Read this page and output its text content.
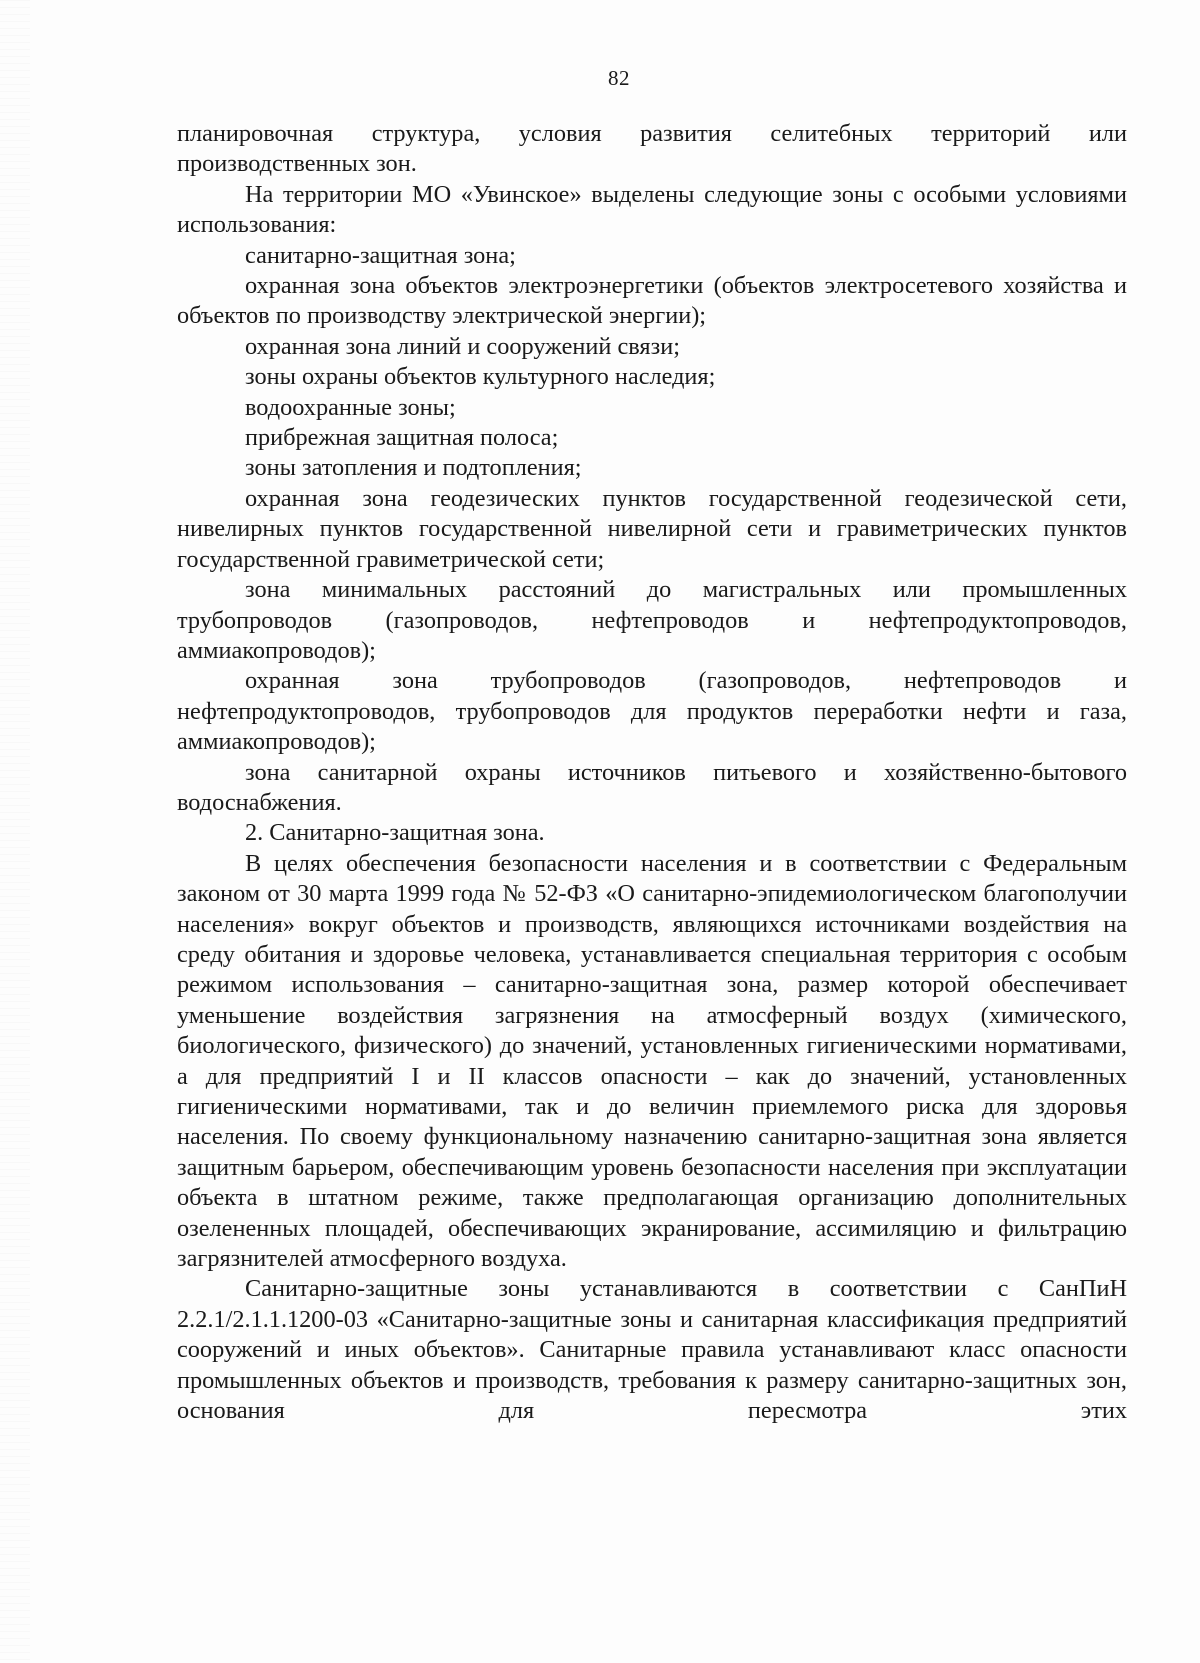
82

планировочная структура, условия развития селитебных территорий или производственных зон.

На территории МО «Увинское» выделены следующие зоны с особыми условиями использования:

санитарно-защитная зона;

охранная зона объектов электроэнергетики (объектов электросетевого хозяйства и объектов по производству электрической энергии);

охранная зона линий и сооружений связи;

зоны охраны объектов культурного наследия;

водоохранные зоны;

прибрежная защитная полоса;

зоны затопления и подтопления;

охранная зона геодезических пунктов государственной геодезической сети, нивелирных пунктов государственной нивелирной сети и гравиметрических пунктов государственной гравиметрической сети;

зона минимальных расстояний до магистральных или промышленных трубопроводов (газопроводов, нефтепроводов и нефтепродуктопроводов, аммиакопроводов);

охранная зона трубопроводов (газопроводов, нефтепроводов и нефтепродуктопроводов, трубопроводов для продуктов переработки нефти и газа, аммиакопроводов);

зона санитарной охраны источников питьевого и хозяйственно-бытового водоснабжения.

2. Санитарно-защитная зона.

В целях обеспечения безопасности населения и в соответствии с Федеральным законом от 30 марта 1999 года № 52-ФЗ «О санитарно-эпидемиологическом благополучии населения» вокруг объектов и производств, являющихся источниками воздействия на среду обитания и здоровье человека, устанавливается специальная территория с особым режимом использования – санитарно-защитная зона, размер которой обеспечивает уменьшение воздействия загрязнения на атмосферный воздух (химического, биологического, физического) до значений, установленных гигиеническими нормативами, а для предприятий I и II классов опасности – как до значений, установленных гигиеническими нормативами, так и до величин приемлемого риска для здоровья населения. По своему функциональному назначению санитарно-защитная зона является защитным барьером, обеспечивающим уровень безопасности населения при эксплуатации объекта в штатном режиме, также предполагающая организацию дополнительных озелененных площадей, обеспечивающих экранирование, ассимиляцию и фильтрацию загрязнителей атмосферного воздуха.

Санитарно-защитные зоны устанавливаются в соответствии с СанПиН 2.2.1/2.1.1.1200-03 «Санитарно-защитные зоны и санитарная классификация предприятий сооружений и иных объектов». Санитарные правила устанавливают класс опасности промышленных объектов и производств, требования к размеру санитарно-защитных зон, основания для пересмотра этих
